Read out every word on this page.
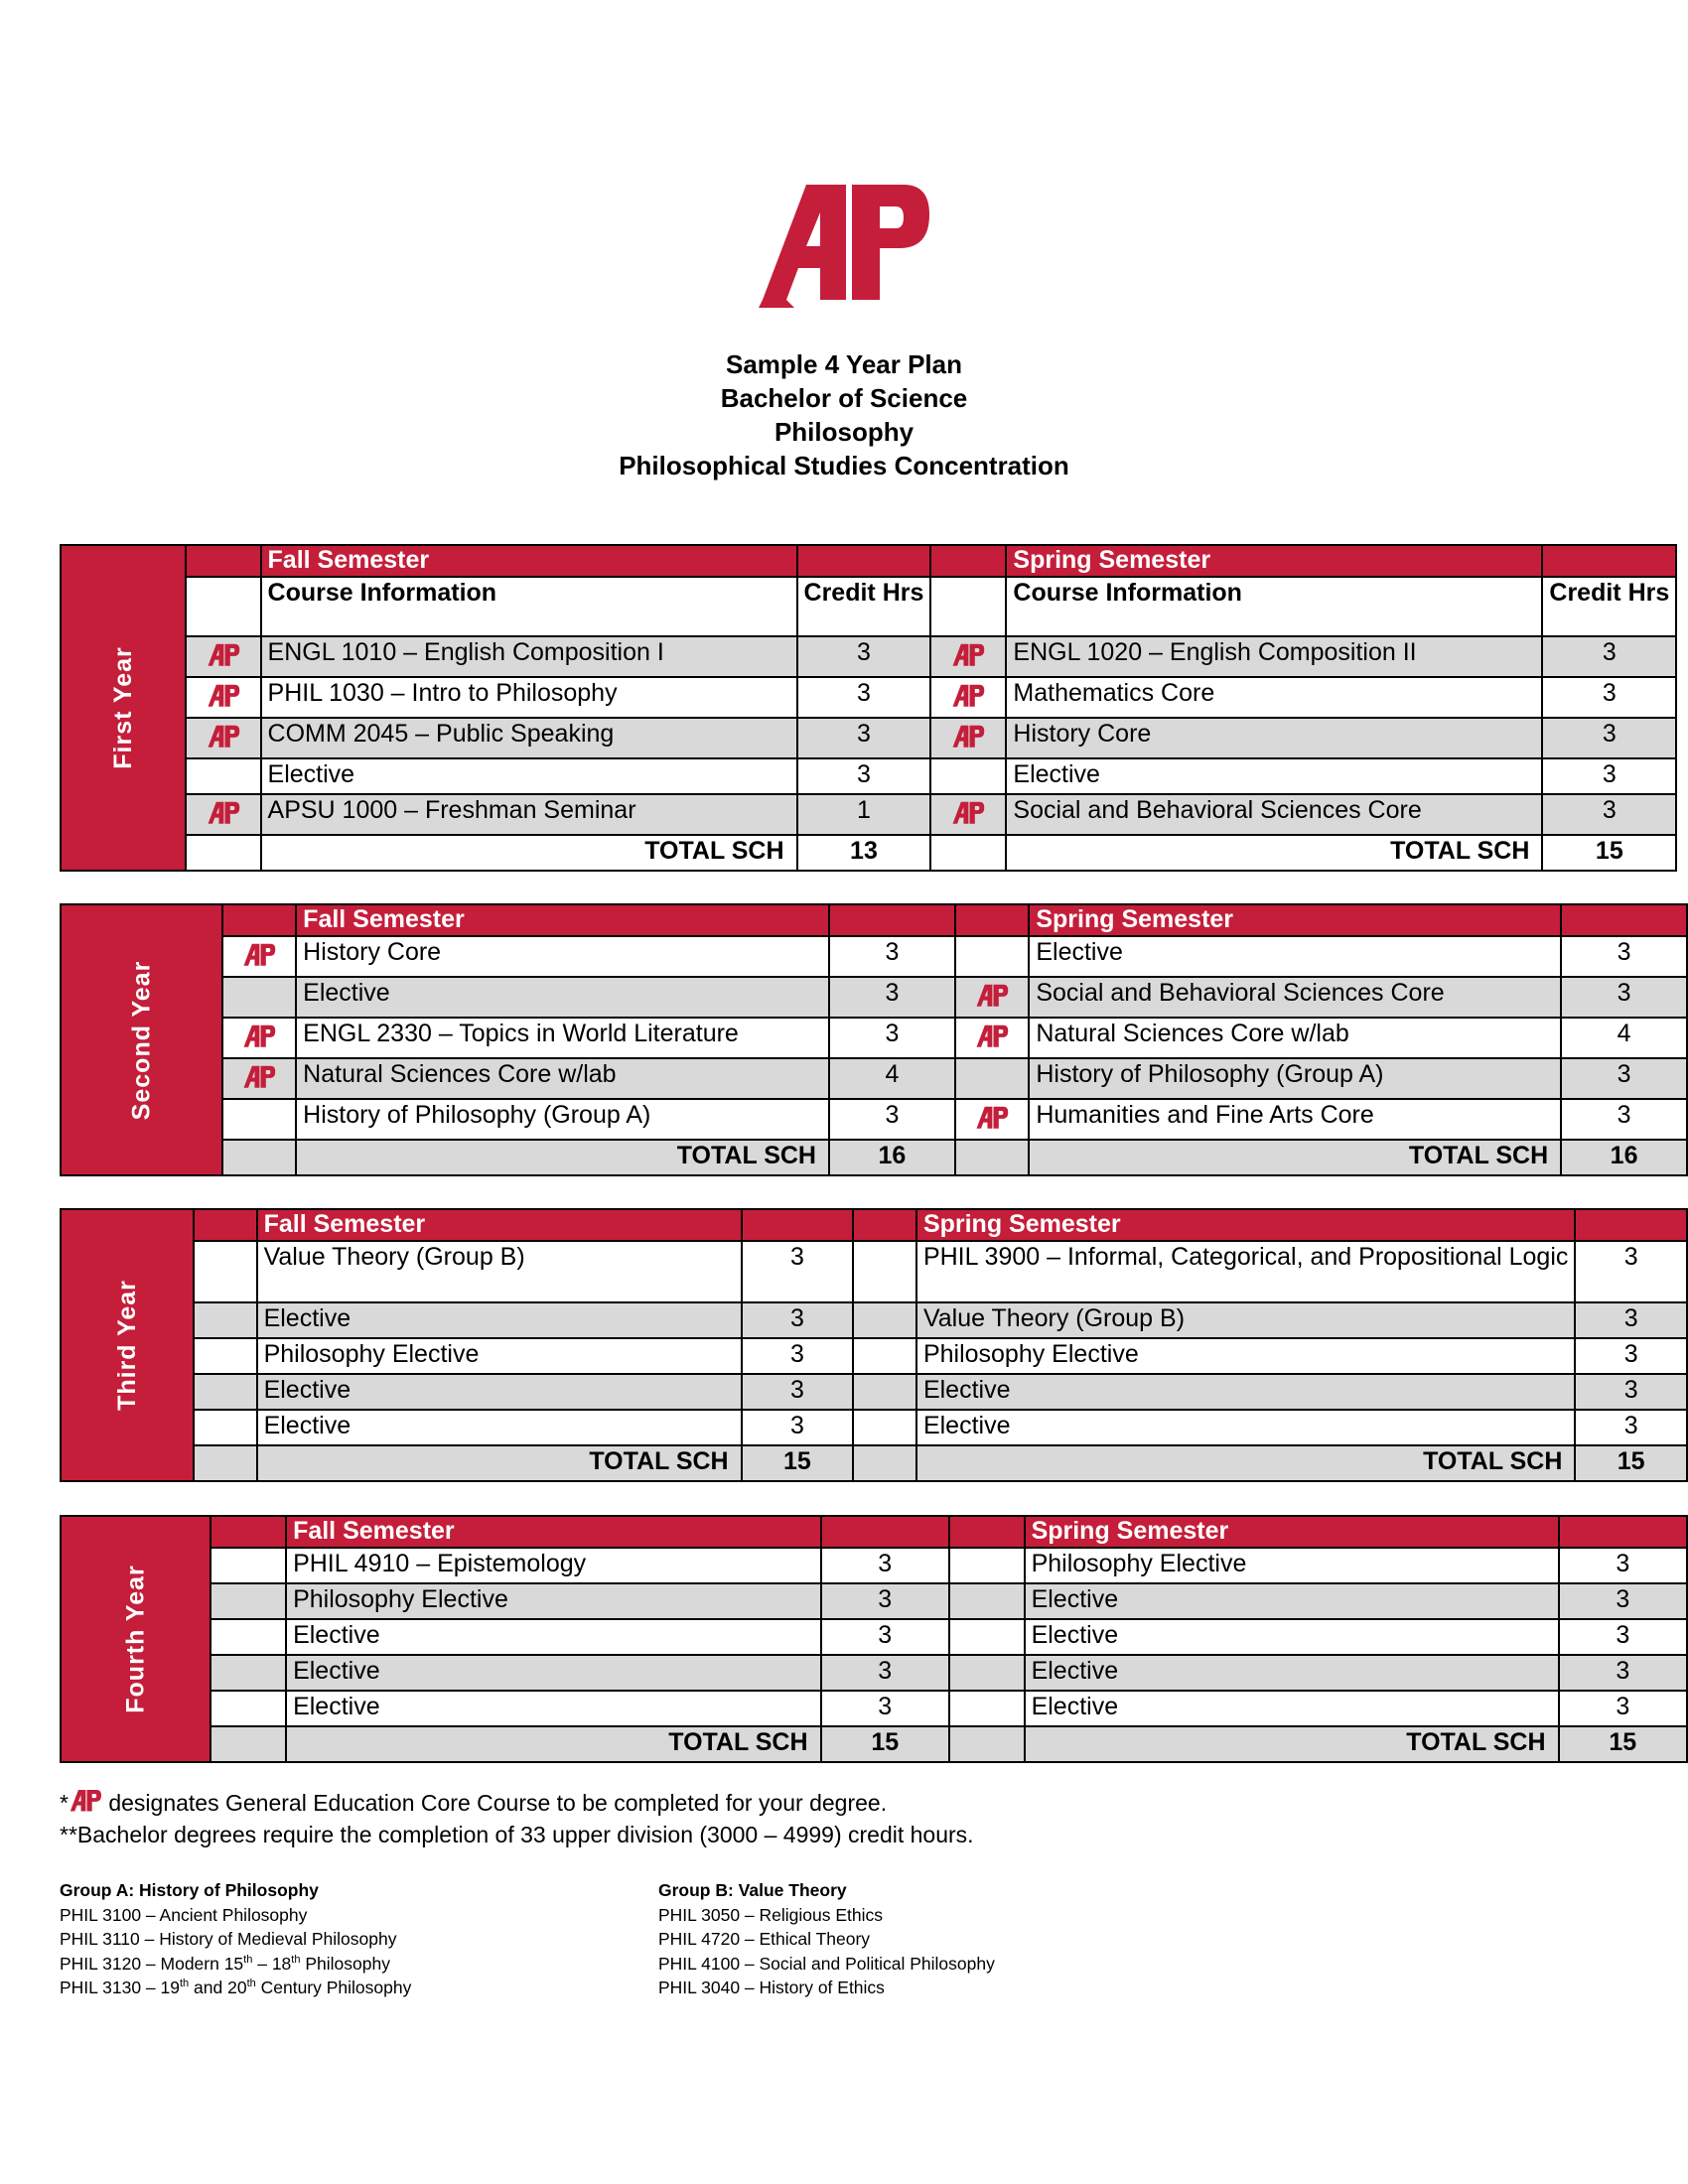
Sample 4 Year Plan
Bachelor of Science
Philosophy
Philosophical Studies Concentration
First Year		Fall Semester			Spring Semester	
		Course Information	Credit Hrs		Course Information	Credit Hrs
	ENGL 1010 – English Composition I	3		ENGL 1020 – English Composition II	3
	PHIL 1030 – Intro to Philosophy	3		Mathematics Core	3
	COMM 2045 – Public Speaking	3		History Core	3
		Elective	3		Elective	3
	APSU 1000 – Freshman Seminar	1		Social and Behavioral Sciences Core	3
		TOTAL SCH	13		TOTAL SCH	15
Second Year		Fall Semester			Spring Semester	
	History Core	3		Elective	3
		Elective	3		Social and Behavioral Sciences Core	3
	ENGL 2330 – Topics in World Literature	3		Natural Sciences Core w/lab	4
	Natural Sciences Core w/lab	4		History of Philosophy (Group A)	3
		History of Philosophy (Group A)	3		Humanities and Fine Arts Core	3
		TOTAL SCH	16		TOTAL SCH	16
Third Year		Fall Semester			Spring Semester	
		Value Theory (Group B)	3		PHIL 3900 – Informal, Categorical, and Propositional Logic	3
		Elective	3		Value Theory (Group B)	3
		Philosophy Elective	3		Philosophy Elective	3
		Elective	3		Elective	3
		Elective	3		Elective	3
		TOTAL SCH	15		TOTAL SCH	15
Fourth Year		Fall Semester			Spring Semester	
		PHIL 4910 – Epistemology	3		Philosophy Elective	3
		Philosophy Elective	3		Elective	3
		Elective	3		Elective	3
		Elective	3		Elective	3
		Elective	3		Elective	3
		TOTAL SCH	15		TOTAL SCH	15
* designates General Education Core Course to be completed for your degree.
**Bachelor degrees require the completion of 33 upper division (3000 – 4999) credit hours.
Group A: History of Philosophy
PHIL 3100 – Ancient Philosophy
PHIL 3110 – History of Medieval Philosophy
PHIL 3120 – Modern 15th – 18th Philosophy
PHIL 3130 – 19th and 20th Century Philosophy
Group B: Value Theory
PHIL 3050 – Religious Ethics
PHIL 4720 – Ethical Theory
PHIL 4100 – Social and Political Philosophy
PHIL 3040 – History of Ethics
